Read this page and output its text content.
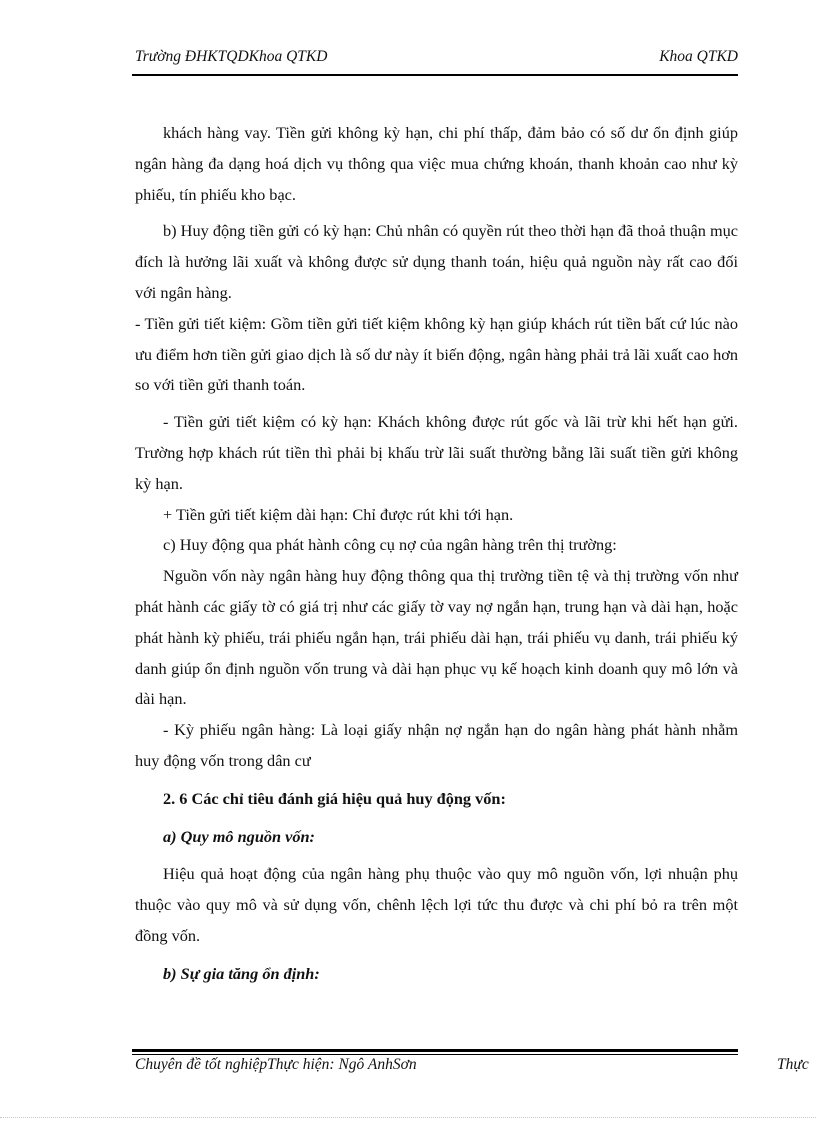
Trường ĐHKTQDKhoa QTKD	Khoa QTKD

khách hàng vay. Tiền gửi không kỳ hạn, chi phí thấp, đảm bảo có số dư ổn định giúp ngân hàng đa dạng hoá dịch vụ thông qua việc mua chứng khoán, thanh khoản cao như kỳ phiếu, tín phiếu kho bạc.

b) Huy động tiền gửi có kỳ hạn: Chủ nhân có quyền rút theo thời hạn đã thoả thuận mục đích là hưởng lãi xuất và không được sử dụng thanh toán, hiệu quả nguồn này rất cao đối với ngân hàng.

- Tiền gửi tiết kiệm: Gồm tiền gửi tiết kiệm không kỳ hạn giúp khách rút tiền bất cứ lúc nào ưu điểm hơn tiền gửi giao dịch là số dư này ít biến động, ngân hàng phải trả lãi xuất cao hơn so với tiền gửi thanh toán.

- Tiền gửi tiết kiệm có kỳ hạn: Khách không được rút gốc và lãi trừ khi hết hạn gửi. Trường hợp khách rút tiền thì phải bị khấu trừ lãi suất thường bằng lãi suất tiền gửi không kỳ hạn.

+ Tiền gửi tiết kiệm dài hạn: Chỉ được rút khi tới hạn.

c) Huy động qua phát hành công cụ nợ của ngân hàng trên thị trường:

Nguồn vốn này ngân hàng huy động thông qua thị trường tiền tệ và thị trường vốn như phát hành các giấy tờ có giá trị như các giấy tờ vay nợ ngắn hạn, trung hạn và dài hạn, hoặc phát hành kỳ phiếu, trái phiếu ngắn hạn, trái phiếu dài hạn, trái phiếu vụ danh, trái phiếu ký danh giúp ổn định nguồn vốn trung và dài hạn phục vụ kế hoạch kinh doanh quy mô lớn và dài hạn.

- Kỳ phiếu ngân hàng: Là loại giấy nhận nợ ngắn hạn do ngân hàng phát hành nhằm huy động vốn trong dân cư

2. 6 Các chỉ tiêu đánh giá hiệu quả huy động vốn:

a) Quy mô nguồn vốn:

Hiệu quả hoạt động của ngân hàng phụ thuộc vào quy mô nguồn vốn, lợi nhuận phụ thuộc vào quy mô và sử dụng vốn, chênh lệch lợi tức thu được và chi phí bỏ ra trên một đồng vốn.

b) Sự gia tăng ổn định:

Chuyên đề tốt nghiệpThực hiện: Ngô AnhSơn	Thực
